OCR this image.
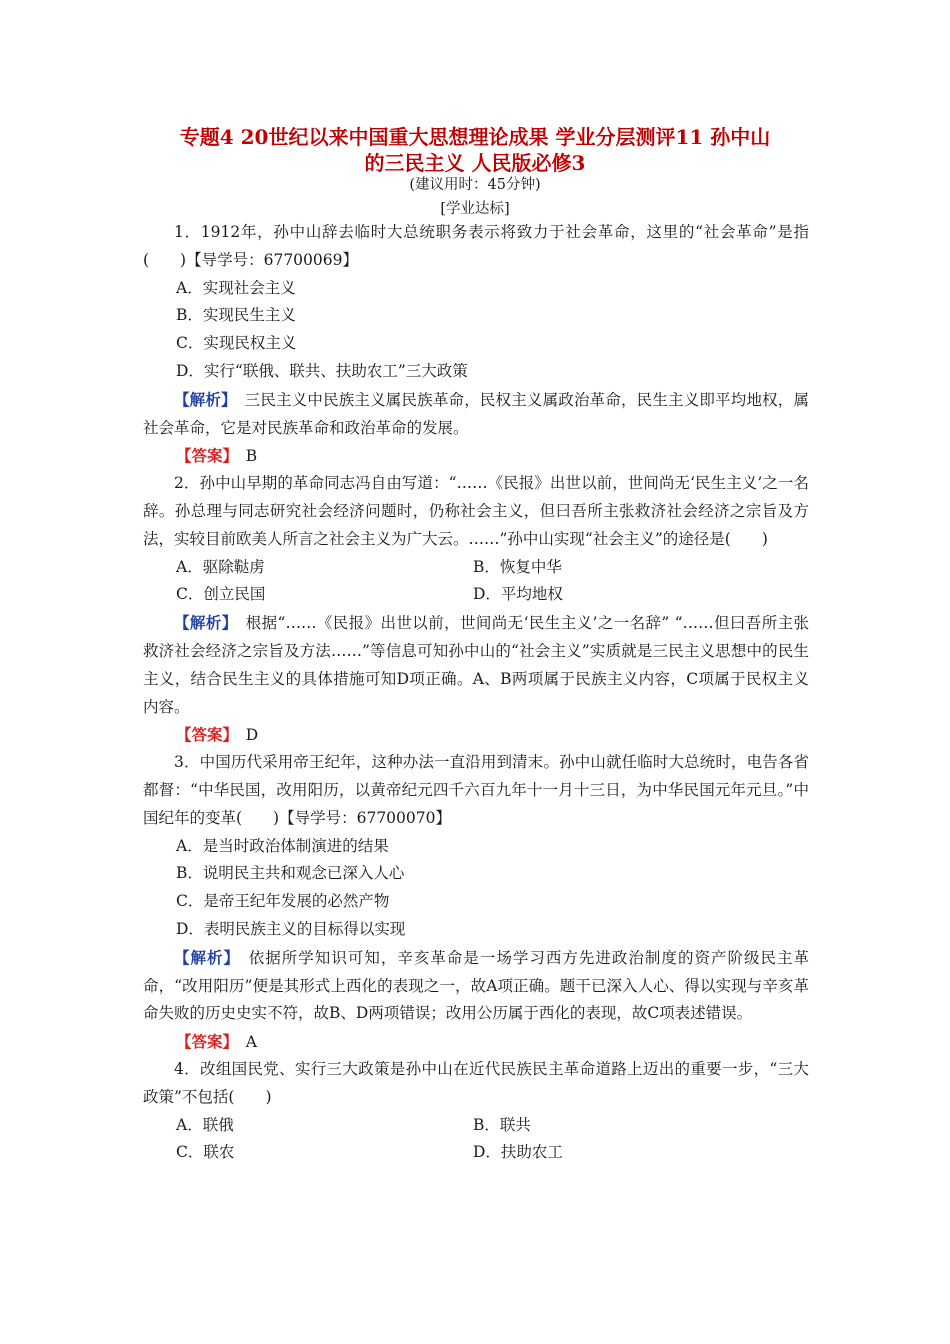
专题4 20世纪以来中国重大思想理论成果 学业分层测评11 孙中山
的三民主义 人民版必修3
(建议用时：45分钟)
[学业达标]
1．1912年，孙中山辞去临时大总统职务表示将致力于社会革命，这里的“社会革命”是指(　　)【导学号：67700069】
A．实现社会主义
B．实现民生主义
C．实现民权主义
D．实行“联俄、联共、扶助农工”三大政策
【解析】　三民主义中民族主义属民族革命，民权主义属政治革命，民生主义即平均地权，属社会革命，它是对民族革命和政治革命的发展。
【答案】　B
2．孙中山早期的革命同志冯自由写道：“……《民报》出世以前，世间尚无‘民生主义’之一名辞。孙总理与同志研究社会经济问题时，仍称社会主义，但曰吾所主张救济社会经济之宗旨及方法，实较目前欧美人所言之社会主义为广大云。……”孙中山实现“社会主义”的途径是(　　)
A．驱除鞑虏	B．恢复中华
C．创立民国	D．平均地权
【解析】　根据“……《民报》出世以前，世间尚无‘民生主义’之一名辞” “……但曰吾所主张救济社会经济之宗旨及方法……”等信息可知孙中山的“社会主义”实质就是三民主义思想中的民生主义，结合民生主义的具体措施可知D项正确。A、B两项属于民族主义内容，C项属于民权主义内容。
【答案】　D
3．中国历代采用帝王纪年，这种办法一直沿用到清末。孙中山就任临时大总统时，电告各省都督：“中华民国，改用阳历，以黄帝纪元四千六百九年十一月十三日，为中华民国元年元旦。”中国纪年的变革(　　)【导学号：67700070】
A．是当时政治体制演进的结果
B．说明民主共和观念已深入人心
C．是帝王纪年发展的必然产物
D．表明民族主义的目标得以实现
【解析】　依据所学知识可知，辛亥革命是一场学习西方先进政治制度的资产阶级民主革命，“改用阳历”便是其形式上西化的表现之一，故A项正确。题干已深入人心、得以实现与辛亥革命失败的历史史实不符，故B、D两项错误；改用公历属于西化的表现，故C项表述错误。
【答案】　A
4．改组国民党、实行三大政策是孙中山在近代民族民主革命道路上迈出的重要一步，“三大政策”不包括(　　)
A．联俄	B．联共
C．联农	D．扶助农工
